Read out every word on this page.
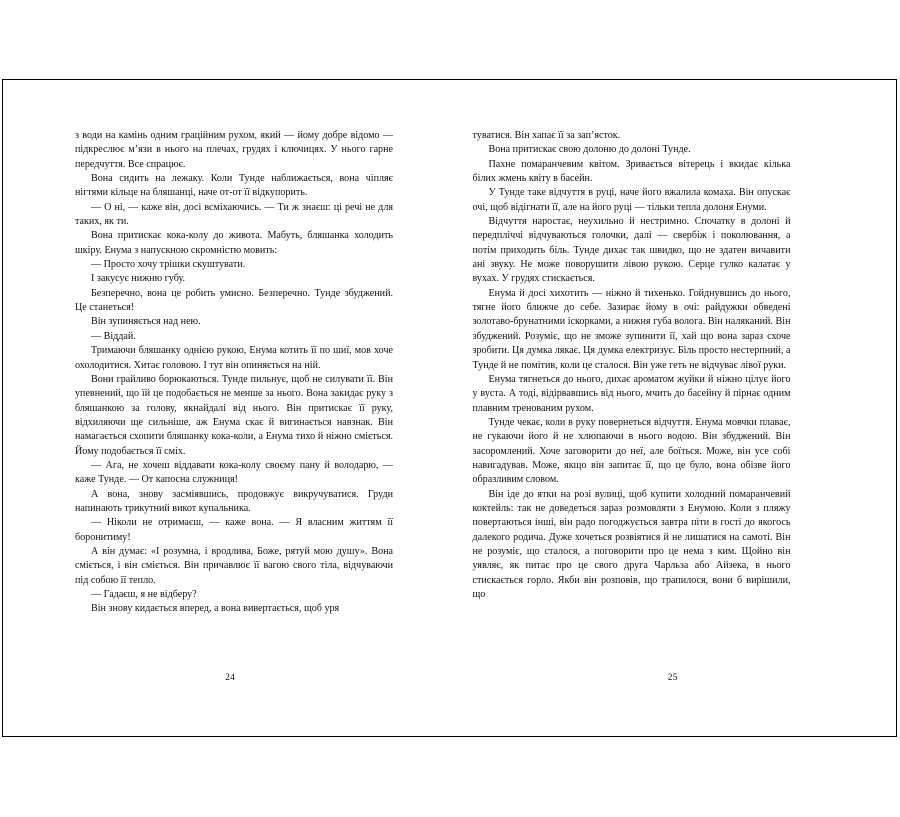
з води на камінь одним граційним рухом, який — йому добре відомо — підкреслює м’язи в нього на плечах, грудях і ключицях. У нього гарне передчуття. Все спрацює.

Вона сидить на лежаку. Коли Тунде наближається, вона чіпляє нігтями кільце на бляшанці, наче от-от її відкупорить.

— О ні, — каже він, досі всміхаючись. — Ти ж знаєш: ці речі не для таких, як ти.

Вона притискає кока-колу до живота. Мабуть, бляшанка холодить шкіру. Енума з напускною скромністю мовить:

— Просто хочу трішки скуштувати.

І закусує нижню губу.

Безперечно, вона це робить умисно. Безперечно. Тунде збуджений. Це станеться!

Він зупиняється над нею.

— Віддай.

Тримаючи бляшанку однією рукою, Енума котить її по шиї, мов хоче охолодитися. Хитає головою. І тут він опиняється на ній.

Вони грайливо борюкаються. Тунде пильнує, щоб не силувати її. Він упевнений, що їй це подобається не менше за нього. Вона закидає руку з бляшанкою за голову, якнайдалі від нього. Він притискає її руку, відхиляючи ще сильніше, аж Енума скає й вигинається навзнак. Він намагається схопити бляшанку кока-коли, а Енума тихо й ніжно сміється. Йому подобається її сміх.

— Ага, не хочеш віддавати кока-колу своєму пану й володарю, — каже Тунде. — От капосна служниця!

А вона, знову засміявшись, продовжує викручуватися. Груди напинають трикутний викот купальника.

— Ніколи не отримаєш, — каже вона. — Я власним життям її боронитиму!

А він думає: «І розумна, і вродлива, Боже, рятуй мою душу». Вона сміється, і він сміється. Він причавлює її вагою свого тіла, відчуваючи під собою її тепло.

— Гадаєш, я не відберу?

Він знову кидається вперед, а вона вивертається, щоб уря

24

туватися. Він хапає її за зап’ясток.

Вона притискає свою долоню до долоні Тунде.

Пахне помаранчевим квітом. Зривається вітерець і вкидає кілька білих жмень квіту в басейн.

У Тунде таке відчуття в руці, наче його вжалила комаха. Він опускає очі, щоб відігнати її, але на його руці — тільки тепла долоня Енуми.

Відчуття наростає, неухильно й нестримно. Спочатку в долоні й передпліччі відчуваються голочки, далі — свербіж і поколювання, а потім приходить біль. Тунде дихає так швидко, що не здатен вичавити ані звуку. Не може поворушити лівою рукою. Серце гулко калатає у вухах. У грудях стискається.

Енума й досі хихотить — ніжно й тихенько. Гойднувшись до нього, тягне його ближче до себе. Зазирає йому в очі: райдужки обведені золотаво-брунатними іскорками, а нижня губа волога. Він наляканий. Він збуджений. Розуміє, що не зможе зупинити її, хай що вона зараз схоче зробити. Ця думка лякає. Ця думка електризує. Біль просто нестерпний, а Тунде й не помітив, коли це сталося. Він уже геть не відчуває лівої руки.

Енума тягнеться до нього, дихає ароматом жуйки й ніжно цілує його у вуста. А тоді, відірвавшись від нього, мчить до басейну й пірнає одним плавним тренованим рухом.

Тунде чекає, коли в руку повернеться відчуття. Енума мовчки плаває, не гукаючи його й не хлюпаючи в нього водою. Він збуджений. Він засоромлений. Хоче заговорити до неї, але боїться. Може, він усе собі навигадував. Може, якщо він запитає її, що це було, вона обізве його образливим словом.

Він іде до ятки на розі вулиці, щоб купити холодний помаранчевий коктейль: так не доведеться зараз розмовляти з Енумою. Коли з пляжу повертаються інші, він радо погоджується завтра піти в гості до якогось далекого родича. Дуже хочеться розвіятися й не лишатися на самоті. Він не розуміє, що сталося, а поговорити про це нема з ким. Щойно він уявляє, як питає про це свого друга Чарльза або Айзека, в нього стискається горло. Якби він розповів, що трапилося, вони б вирішили, що

25
